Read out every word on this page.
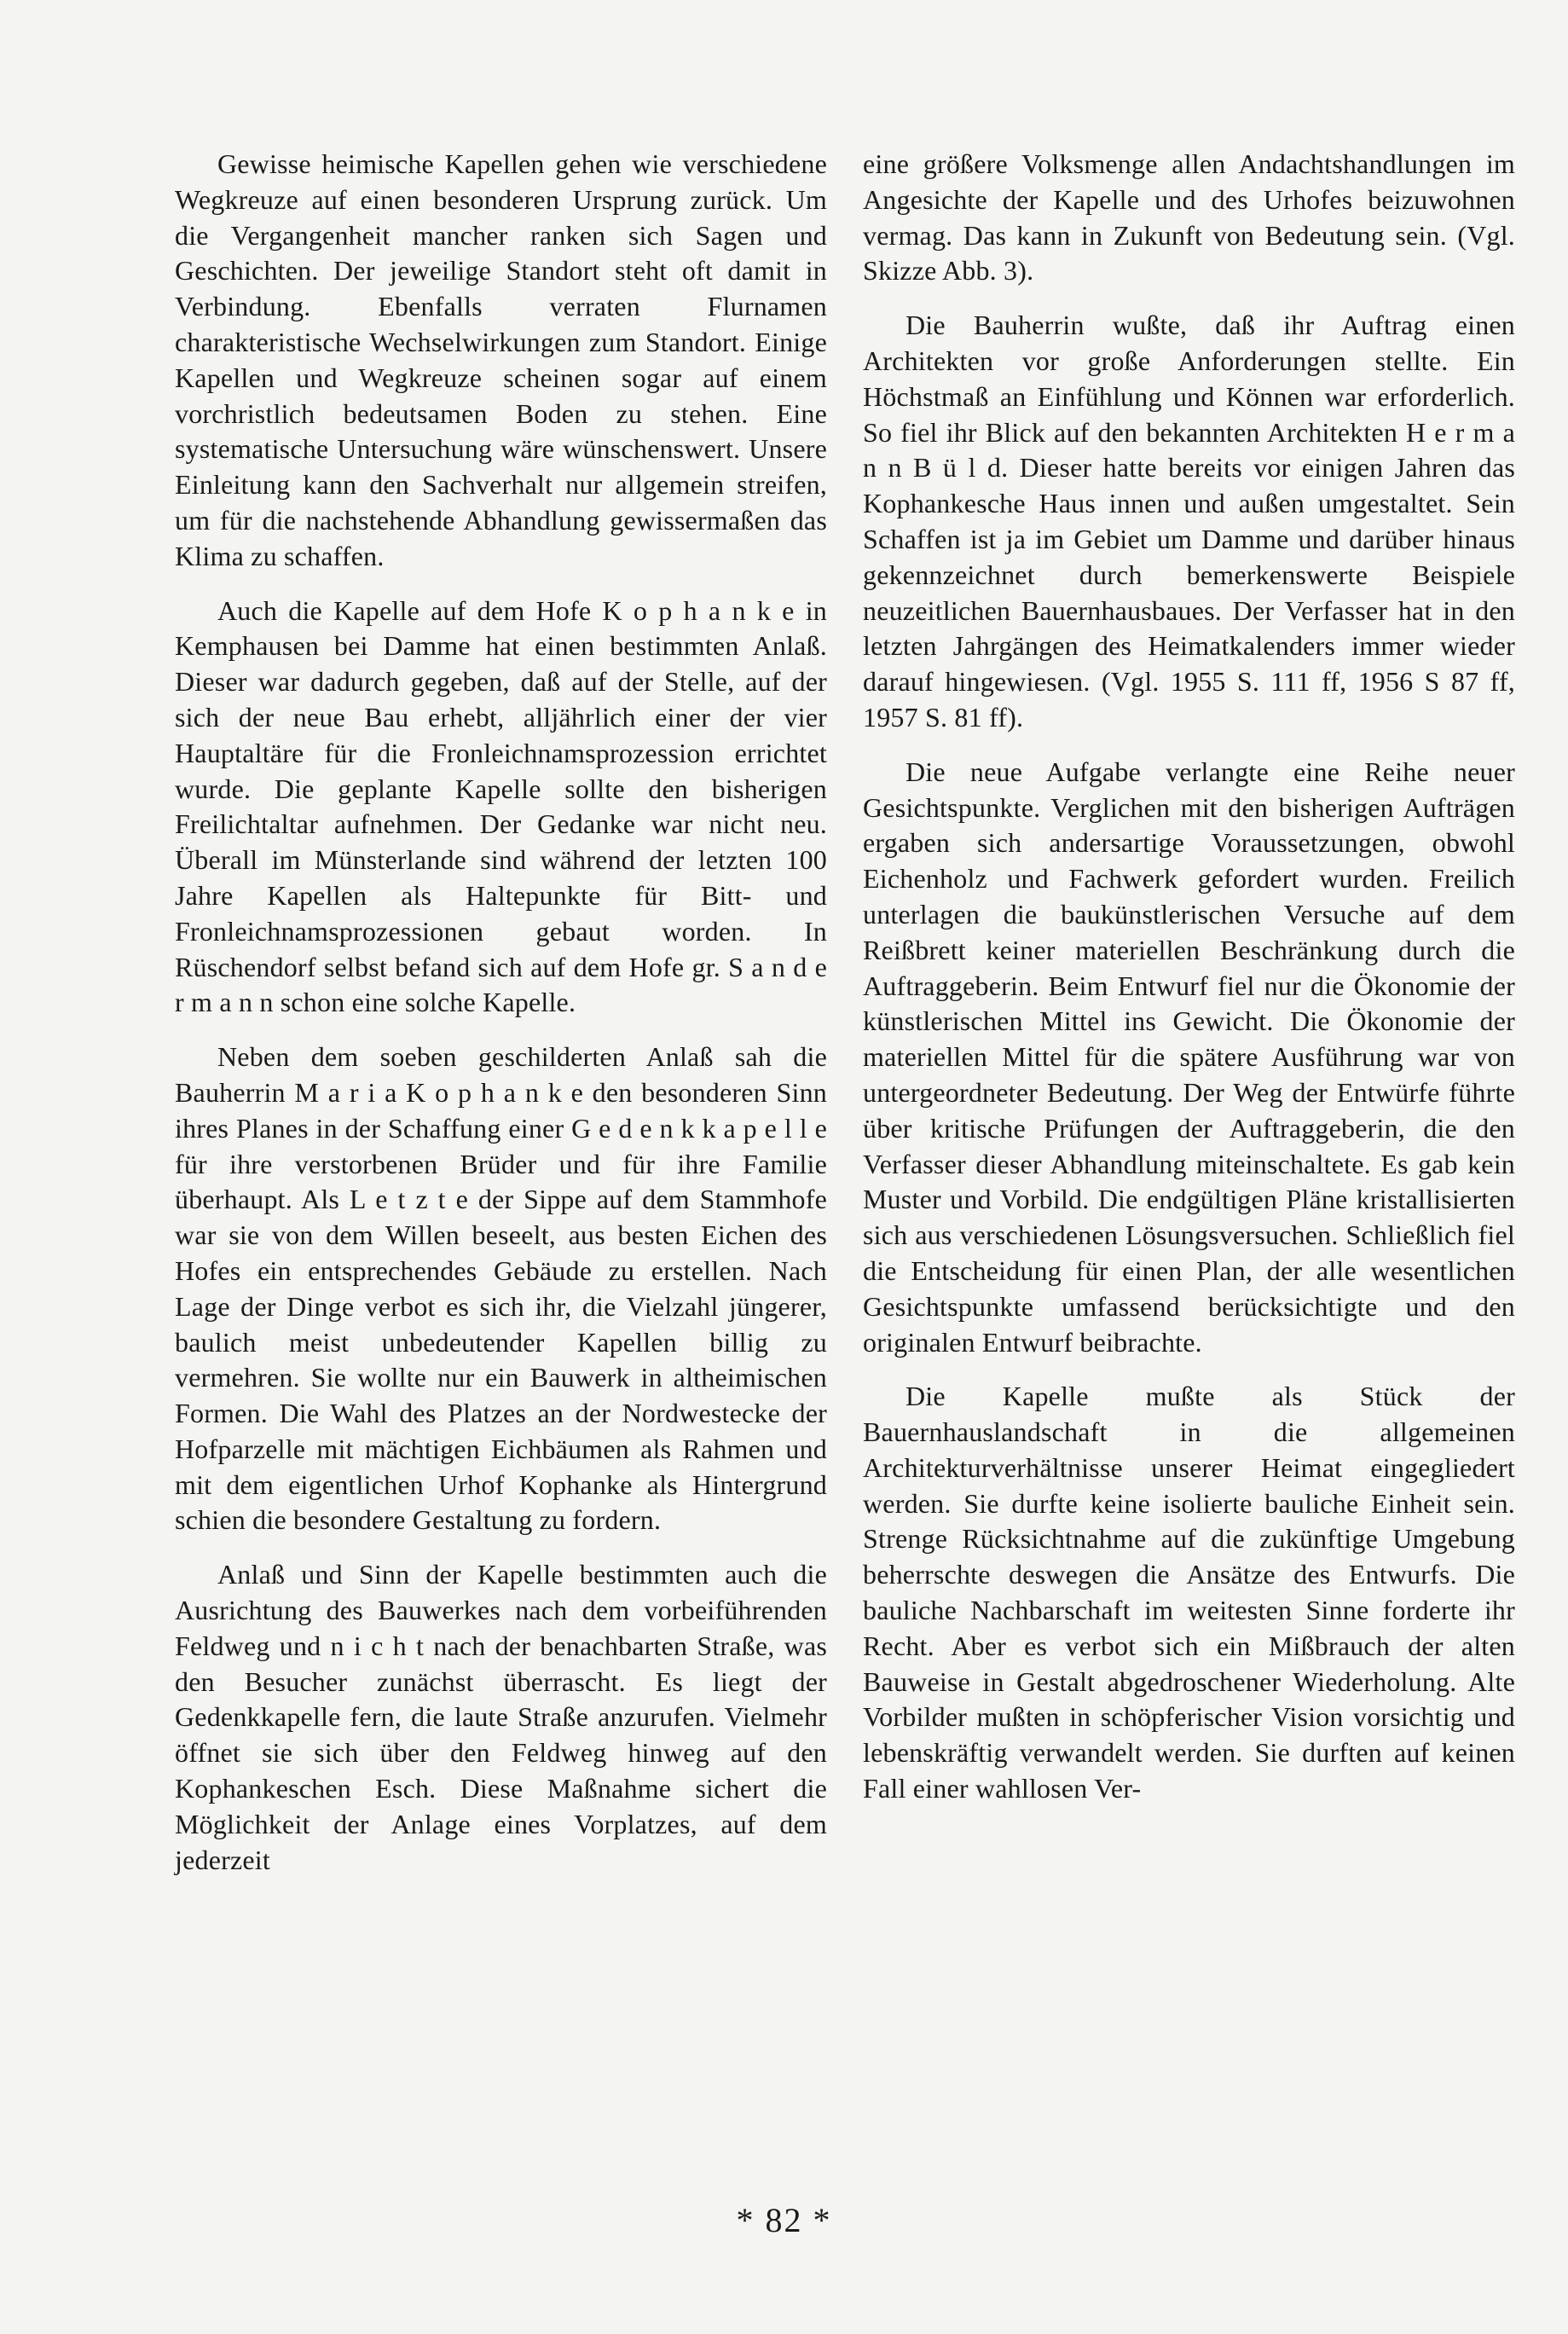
Gewisse heimische Kapellen gehen wie verschiedene Wegkreuze auf einen besonderen Ursprung zurück. Um die Vergangenheit mancher ranken sich Sagen und Geschichten. Der jeweilige Standort steht oft damit in Verbindung. Ebenfalls verraten Flurnamen charakteristische Wechselwirkungen zum Standort. Einige Kapellen und Wegkreuze scheinen sogar auf einem vorchristlich bedeutsamen Boden zu stehen. Eine systematische Untersuchung wäre wünschenswert. Unsere Einleitung kann den Sachverhalt nur allgemein streifen, um für die nachstehende Abhandlung gewissermaßen das Klima zu schaffen.

Auch die Kapelle auf dem Hofe K o p h a n k e in Kemphausen bei Damme hat einen bestimmten Anlaß. Dieser war dadurch gegeben, daß auf der Stelle, auf der sich der neue Bau erhebt, alljährlich einer der vier Hauptaltäre für die Fronleichnamsprozession errichtet wurde. Die geplante Kapelle sollte den bisherigen Freilichtaltar aufnehmen. Der Gedanke war nicht neu. Überall im Münsterlande sind während der letzten 100 Jahre Kapellen als Haltepunkte für Bitt- und Fronleichnamsprozessionen gebaut worden. In Rüschendorf selbst befand sich auf dem Hofe gr. S a n d e r m a n n schon eine solche Kapelle.

Neben dem soeben geschilderten Anlaß sah die Bauherrin M a r i a K o p h a n k e den besonderen Sinn ihres Planes in der Schaffung einer G e d e n k k a p e l l e für ihre verstorbenen Brüder und für ihre Familie überhaupt. Als L e t z t e der Sippe auf dem Stammhofe war sie von dem Willen beseelt, aus besten Eichen des Hofes ein entsprechendes Gebäude zu erstellen. Nach Lage der Dinge verbot es sich ihr, die Vielzahl jüngerer, baulich meist unbedeutender Kapellen billig zu vermehren. Sie wollte nur ein Bauwerk in altheimischen Formen. Die Wahl des Platzes an der Nordwestecke der Hofparzelle mit mächtigen Eichbäumen als Rahmen und mit dem eigentlichen Urhof Kophanke als Hintergrund schien die besondere Gestaltung zu fordern.

Anlaß und Sinn der Kapelle bestimmten auch die Ausrichtung des Bauwerkes nach dem vorbeiführenden Feldweg und n i c h t nach der benachbarten Straße, was den Besucher zunächst überrascht. Es liegt der Gedenkkapelle fern, die laute Straße anzurufen. Vielmehr öffnet sie sich über den Feldweg hinweg auf den Kophankeschen Esch. Diese Maßnahme sichert die Möglichkeit der Anlage eines Vorplatzes, auf dem jederzeit

eine größere Volksmenge allen Andachtshandlungen im Angesichte der Kapelle und des Urhofes beizuwohnen vermag. Das kann in Zukunft von Bedeutung sein. (Vgl. Skizze Abb. 3).

Die Bauherrin wußte, daß ihr Auftrag einen Architekten vor große Anforderungen stellte. Ein Höchstmaß an Einfühlung und Können war erforderlich. So fiel ihr Blick auf den bekannten Architekten H e r m a n n B ü l d. Dieser hatte bereits vor einigen Jahren das Kophankesche Haus innen und außen umgestaltet. Sein Schaffen ist ja im Gebiet um Damme und darüber hinaus gekennzeichnet durch bemerkenswerte Beispiele neuzeitlichen Bauernhausbaues. Der Verfasser hat in den letzten Jahrgängen des Heimatkalenders immer wieder darauf hingewiesen. (Vgl. 1955 S. 111 ff, 1956 S 87 ff, 1957 S. 81 ff).

Die neue Aufgabe verlangte eine Reihe neuer Gesichtspunkte. Verglichen mit den bisherigen Aufträgen ergaben sich andersartige Voraussetzungen, obwohl Eichenholz und Fachwerk gefordert wurden. Freilich unterlagen die baukünstlerischen Versuche auf dem Reißbrett keiner materiellen Beschränkung durch die Auftraggeberin. Beim Entwurf fiel nur die Ökonomie der künstlerischen Mittel ins Gewicht. Die Ökonomie der materiellen Mittel für die spätere Ausführung war von untergeordneter Bedeutung. Der Weg der Entwürfe führte über kritische Prüfungen der Auftraggeberin, die den Verfasser dieser Abhandlung miteinschaltete. Es gab kein Muster und Vorbild. Die endgültigen Pläne kristallisierten sich aus verschiedenen Lösungsversuchen. Schließlich fiel die Entscheidung für einen Plan, der alle wesentlichen Gesichtspunkte umfassend berücksichtigte und den originalen Entwurf beibrachte.

Die Kapelle mußte als Stück der Bauernhauslandschaft in die allgemeinen Architekturverhältnisse unserer Heimat eingegliedert werden. Sie durfte keine isolierte bauliche Einheit sein. Strenge Rücksichtnahme auf die zukünftige Umgebung beherrschte deswegen die Ansätze des Entwurfs. Die bauliche Nachbarschaft im weitesten Sinne forderte ihr Recht. Aber es verbot sich ein Mißbrauch der alten Bauweise in Gestalt abgedroschener Wiederholung. Alte Vorbilder mußten in schöpferischer Vision vorsichtig und lebenskräftig verwandelt werden. Sie durften auf keinen Fall einer wahllosen Ver-

* 82 *
